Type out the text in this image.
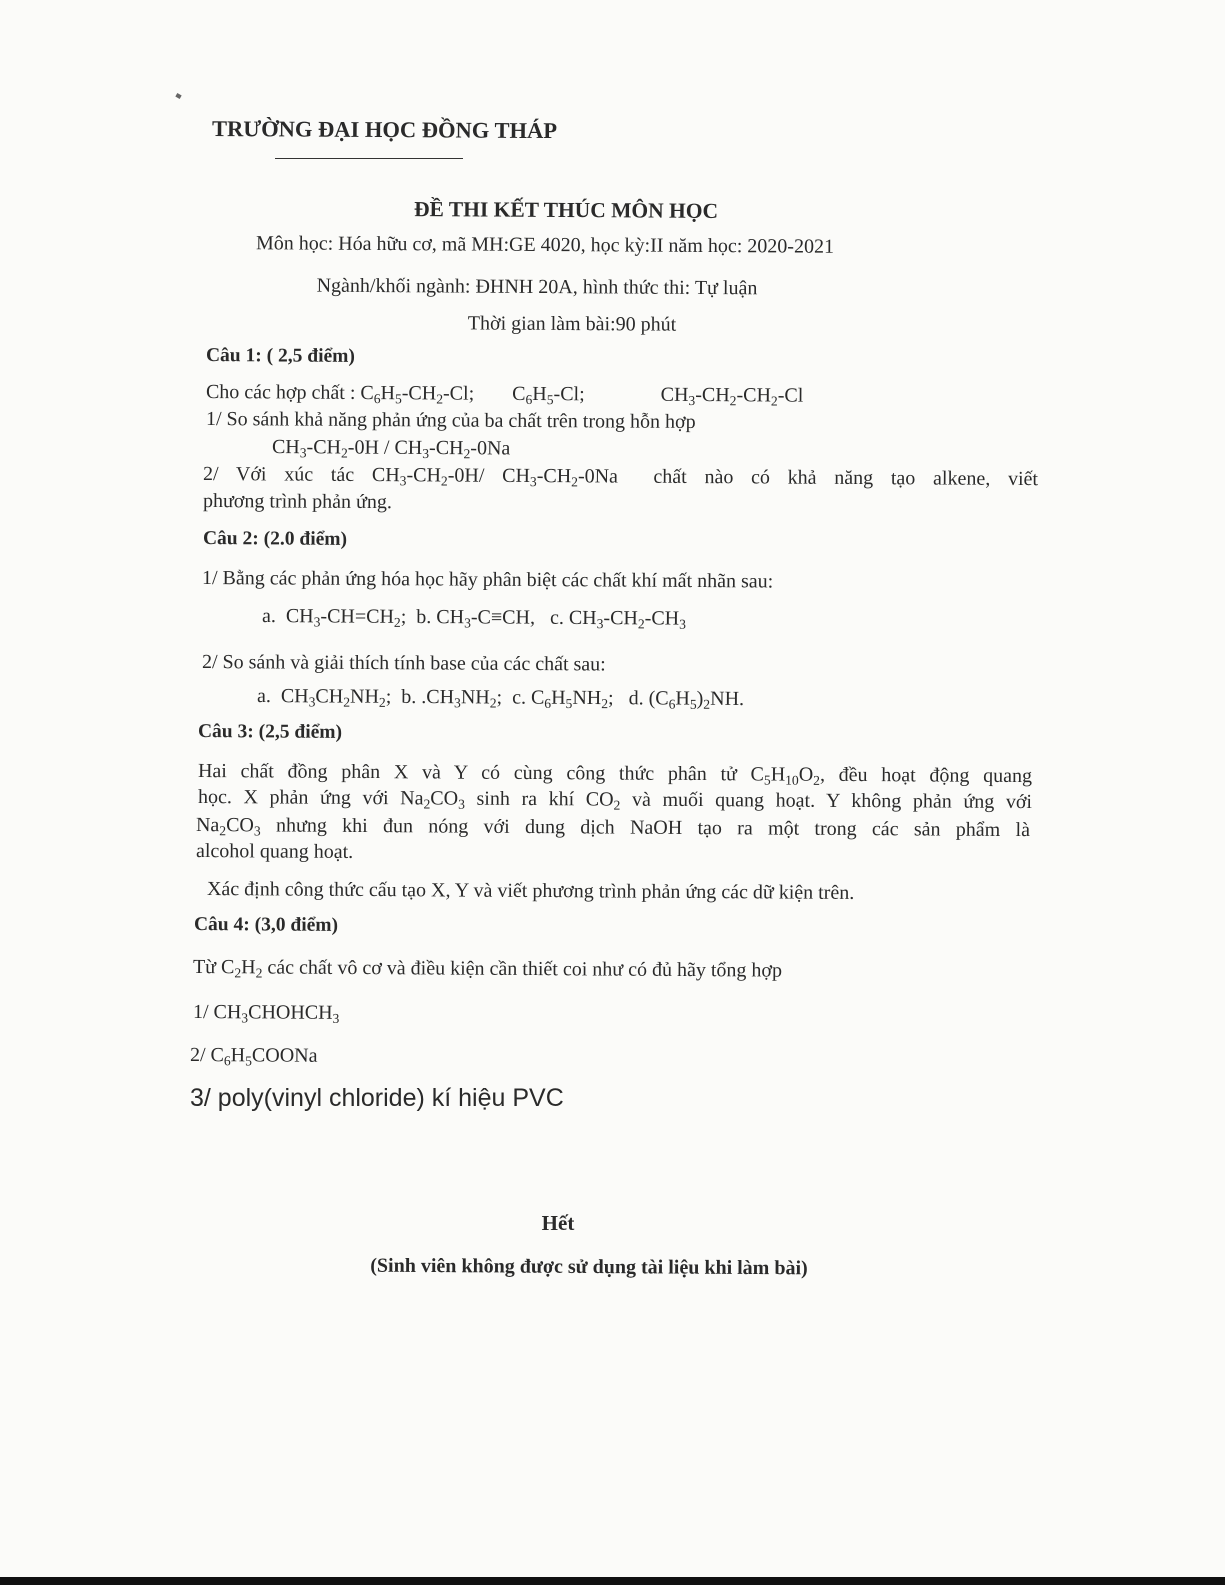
TRƯỜNG ĐẠI HỌC ĐỒNG THÁP
ĐỀ THI KẾT THÚC MÔN HỌC
Môn học: Hóa hữu cơ, mã MH:GE 4020, học kỳ:II năm học: 2020-2021
Ngành/khối ngành: ĐHNH 20A, hình thức thi: Tự luận
Thời gian làm bài:90 phút
Câu 1: ( 2,5 điểm)
Cho các hợp chất : $C_6H_5-CH_2-Cl$; $C_6H_5-Cl$;	$CH_3-CH_2-CH_2-Cl$
1/ So sánh khả năng phản ứng của ba chất trên trong hỗn hợp
$CH_3-CH_2-0H / CH_3-CH_2-0Na$
2/ Với xúc tác $CH_3-CH_2-0H/$ $CH_3-CH_2-0Na$  chất nào có khả năng tạo alkene, viết
phương trình phản ứng.
Câu 2: (2.0 điểm)
1/ Bằng các phản ứng hóa học hãy phân biệt các chất khí mất nhãn sau:
a.  $CH_3-CH=CH_2$;  b. $CH_3-C\equiv CH$,   c. $CH_3-CH_2-CH_3$
2/ So sánh và giải thích tính base của các chất sau:
a.  $CH_3CH_2NH_2$;  b. $.CH_3NH_2$;  c. $C_6H_5NH_2$;   d. $(C_6H_5)_2NH$.
Câu 3: (2,5 điểm)
Hai chất đồng phân X và Y có cùng công thức phân tử $C_5H_{10}O_2$, đều hoạt động quang
học. X phản ứng với $Na_2CO_3$ sinh ra khí $CO_2$ và muối quang hoạt. Y không phản ứng với
$Na_2CO_3$ nhưng khi đun nóng với dung dịch NaOH tạo ra một trong các sản phẩm là
alcohol quang hoạt.
Xác định công thức cấu tạo X, Y và viết phương trình phản ứng các dữ kiện trên.
Câu 4: (3,0 điểm)
Từ $C_2H_2$ các chất vô cơ và điều kiện cần thiết coi như có đủ hãy tổng hợp
1/ $CH_3CHOHCH_3$
2/ $C_6H_5COONa$
3/ poly(vinyl chloride) kí hiệu PVC
Hết
(Sinh viên không được sử dụng tài liệu khi làm bài)
